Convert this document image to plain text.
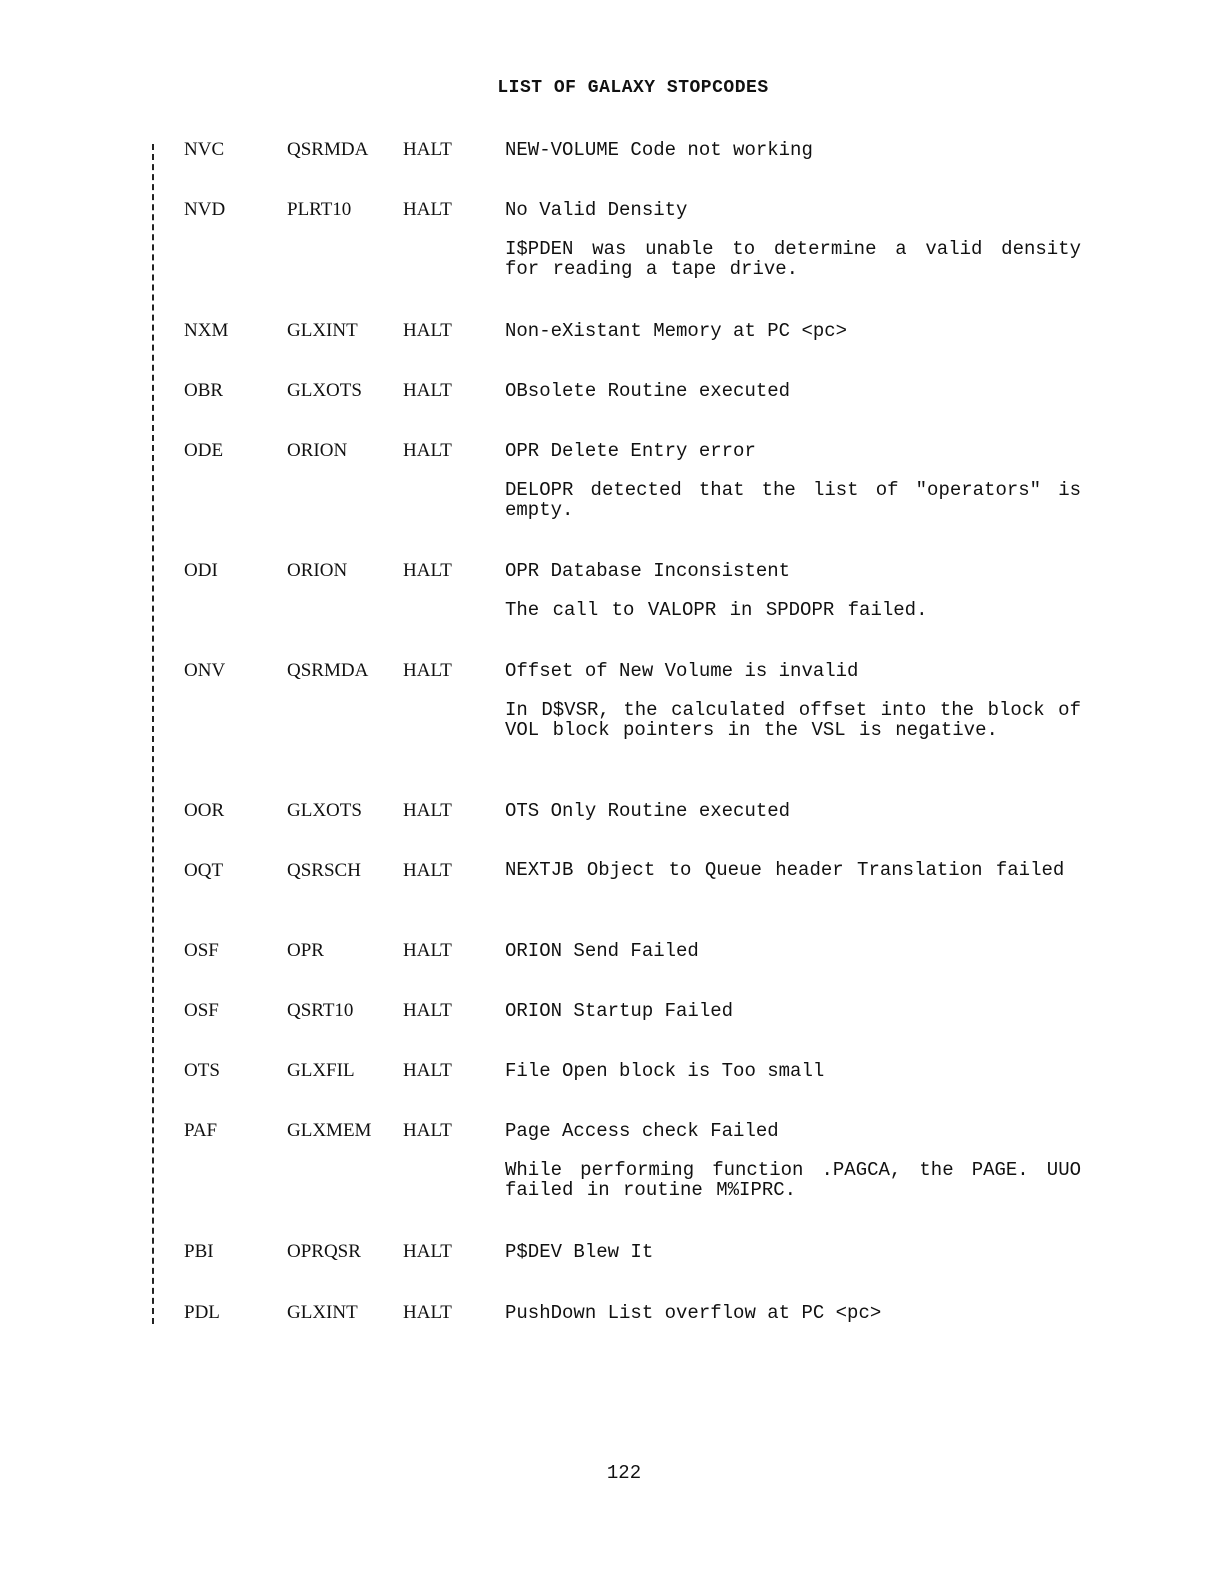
LIST OF GALAXY STOPCODES
NVC	QSRMDA HALT	NEW-VOLUME Code not working
NVD	PLRT10	HALT	No Valid Density
I$PDEN was unable to determine a valid density for reading a tape drive.
NXM	GLXINT HALT	Non-eXistant Memory at PC <pc>
OBR	GLXOTS HALT	OBsolete Routine executed
ODE	ORION	HALT	OPR Delete Entry error
DELOPR detected that the list of "operators" is empty.
ODI	ORION	HALT	OPR Database Inconsistent
The call to VALOPR in SPDOPR failed.
ONV	QSRMDA HALT	Offset of New Volume is invalid
In D$VSR, the calculated offset into the block of VOL block pointers in the VSL is negative.
OOR	GLXOTS HALT	OTS Only Routine executed
OQT	QSRSCH HALT	NEXTJB Object to Queue header Translation failed
OSF	OPR	HALT	ORION Send Failed
OSF	QSRT10	HALT	ORION Startup Failed
OTS	GLXFIL	HALT	File Open block is Too small
PAF	GLXMEM HALT	Page Access check Failed
While performing function .PAGCA, the PAGE. UUO failed in routine M%IPRC.
PBI	OPRQSR HALT	P$DEV Blew It
PDL	GLXINT HALT	PushDown List overflow at PC <pc>
122
